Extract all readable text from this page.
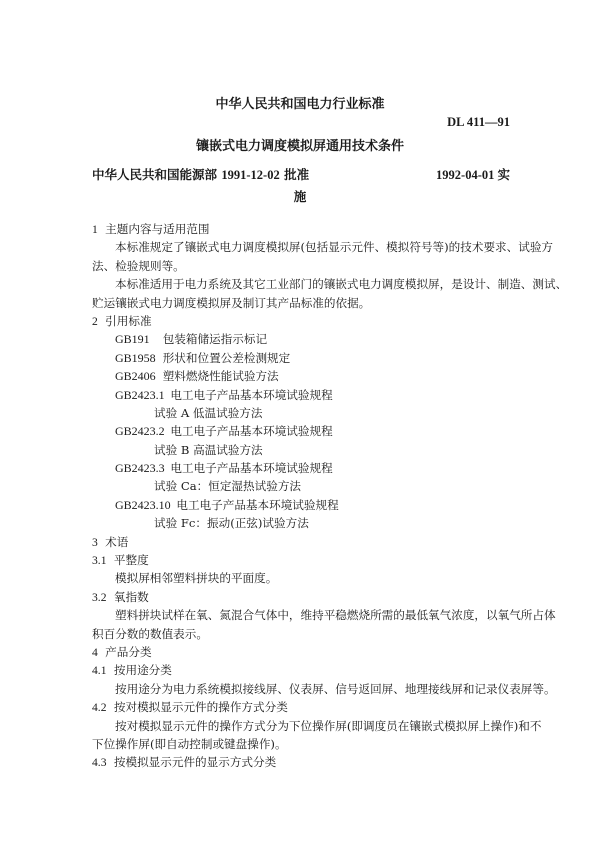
中华人民共和国电力行业标准
DL 411—91
镶嵌式电力调度模拟屏通用技术条件
中华人民共和国能源部 1991-12-02 批准	1992-04-01 实
施
1 主题内容与适用范围
本标准规定了镶嵌式电力调度模拟屏(包括显示元件、模拟符号等)的技术要求、试验方
法、检验规则等。
本标准适用于电力系统及其它工业部门的镶嵌式电力调度模拟屏，是设计、制造、测试、
贮运镶嵌式电力调度模拟屏及制订其产品标准的依据。
2 引用标准
GB191 包装箱储运指示标记
GB1958 形状和位置公差检测规定
GB2406 塑料燃烧性能试验方法
GB2423.1 电工电子产品基本环境试验规程
试验 A 低温试验方法
GB2423.2 电工电子产品基本环境试验规程
试验 B 高温试验方法
GB2423.3 电工电子产品基本环境试验规程
试验 Ca：恒定湿热试验方法
GB2423.10 电工电子产品基本环境试验规程
试验 Fc：振动(正弦)试验方法
3 术语
3.1 平整度
模拟屏相邻塑料拼块的平面度。
3.2 氧指数
塑料拼块试样在氧、氮混合气体中，维持平稳燃烧所需的最低氧气浓度，以氧气所占体
积百分数的数值表示。
4 产品分类
4.1 按用途分类
按用途分为电力系统模拟接线屏、仪表屏、信号返回屏、地理接线屏和记录仪表屏等。
4.2 按对模拟显示元件的操作方式分类
按对模拟显示元件的操作方式分为下位操作屏(即调度员在镶嵌式模拟屏上操作)和不
下位操作屏(即自动控制或键盘操作)。
4.3 按模拟显示元件的显示方式分类
